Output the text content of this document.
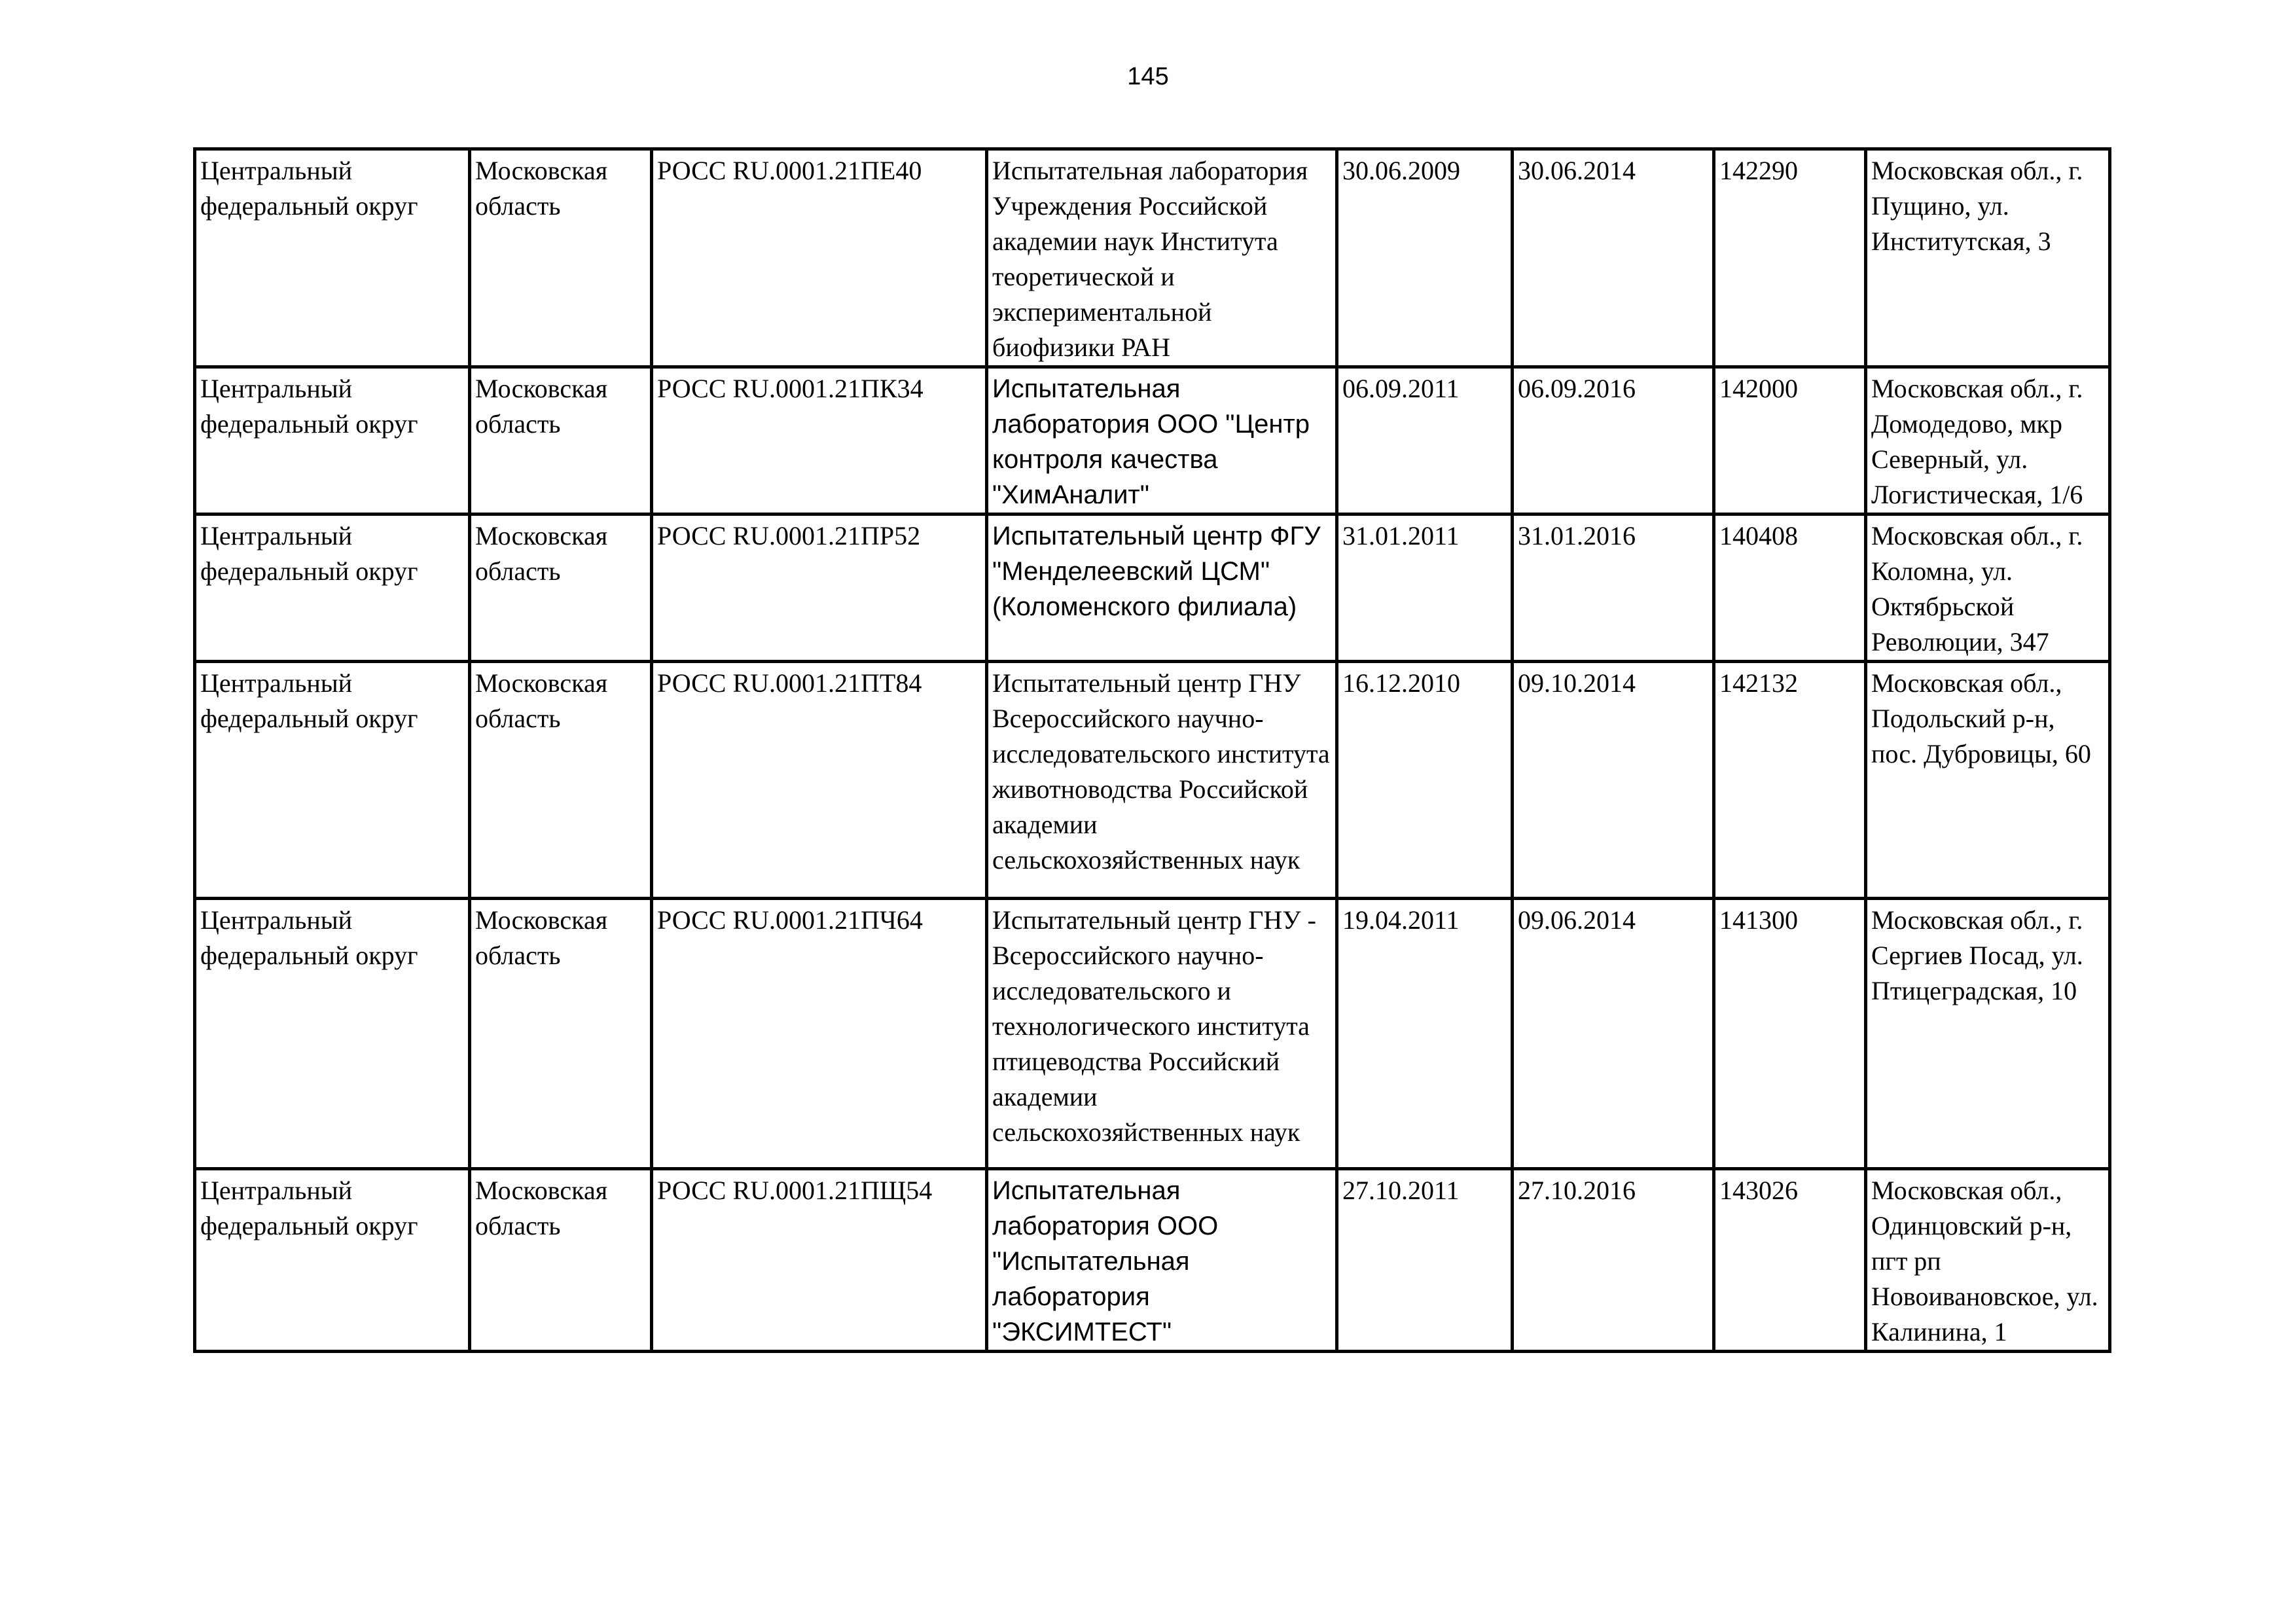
145
Центральный федеральный округ	Московская область	РОСС RU.0001.21ПЕ40	Испытательная лаборатория Учреждения Российской академии наук Института теоретической и экспериментальной биофизики РАН	30.06.2009	30.06.2014	142290	Московская обл., г. Пущино, ул. Институтская, 3
Центральный федеральный округ	Московская область	РОСС RU.0001.21ПК34	Испытательная лаборатория ООО "Центр контроля качества "ХимАналит"	06.09.2011	06.09.2016	142000	Московская обл., г. Домодедово, мкр Северный, ул. Логистическая, 1/6
Центральный федеральный округ	Московская область	РОСС RU.0001.21ПР52	Испытательный центр ФГУ "Менделеевский ЦСМ" (Коломенского филиала)	31.01.2011	31.01.2016	140408	Московская обл., г. Коломна, ул. Октябрьской Революции, 347
Центральный федеральный округ	Московская область	РОСС RU.0001.21ПТ84	Испытательный центр ГНУ Всероссийского научно-исследовательского института животноводства Российской академии сельскохозяйственных наук	16.12.2010	09.10.2014	142132	Московская обл., Подольский р-н, пос. Дубровицы, 60
Центральный федеральный округ	Московская область	РОСС RU.0001.21ПЧ64	Испытательный центр ГНУ - Всероссийского научно-исследовательского и технологического института птицеводства Российский академии сельскохозяйственных наук	19.04.2011	09.06.2014	141300	Московская обл., г. Сергиев Посад, ул. Птицеградская, 10
Центральный федеральный округ	Московская область	РОСС RU.0001.21ПЩ54	Испытательная лаборатория ООО "Испытательная лаборатория "ЭКСИМТЕСТ"	27.10.2011	27.10.2016	143026	Московская обл., Одинцовский р-н, пгт рп Новоивановское, ул. Калинина, 1
